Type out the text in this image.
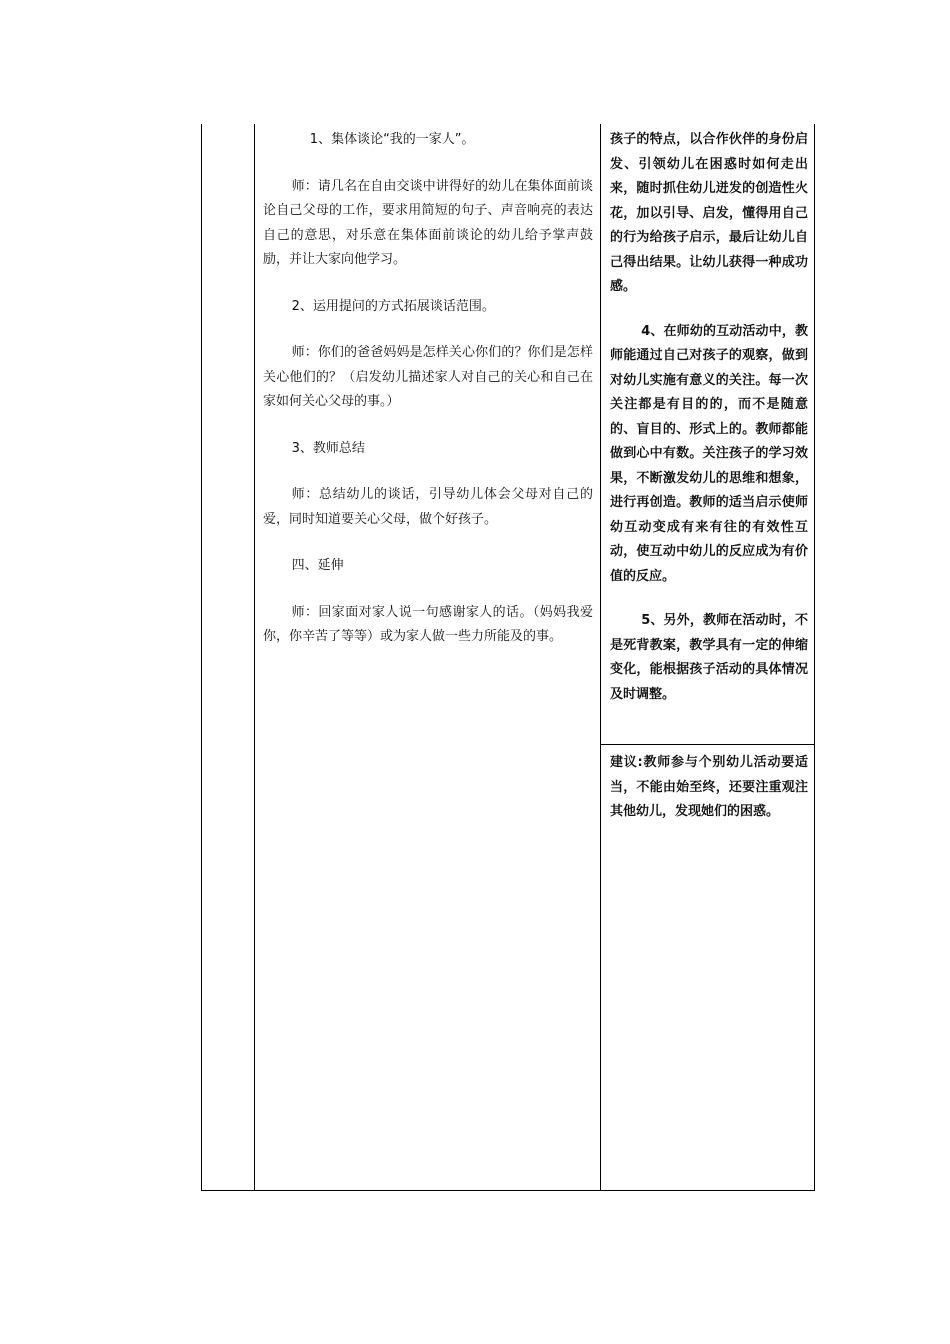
1、集体谈论“我的一家人”。

师：请几名在自由交谈中讲得好的幼儿在集体面前谈论自己父母的工作，要求用简短的句子、声音响亮的表达自己的意思，对乐意在集体面前谈论的幼儿给予掌声鼓励，并让大家向他学习。

2、运用提问的方式拓展谈话范围。

师：你们的爸爸妈妈是怎样关心你们的？你们是怎样关心他们的？（启发幼儿描述家人对自己的关心和自己在家如何关心父母的事。）

3、教师总结

师：总结幼儿的谈话，引导幼儿体会父母对自己的爱，同时知道要关心父母，做个好孩子。

四、延伸

师：回家面对家人说一句感谢家人的话。（妈妈我爱你，你辛苦了等等）或为家人做一些力所能及的事。

孩子的特点，以合作伙伴的身份启发、引领幼儿在困惑时如何走出来，随时抓住幼儿迸发的创造性火花，加以引导、启发，懂得用自己的行为给孩子启示，最后让幼儿自己得出结果。让幼儿获得一种成功感。

4、在师幼的互动活动中，教师能通过自己对孩子的观察，做到对幼儿实施有意义的关注。每一次关注都是有目的的，而不是随意的、盲目的、形式上的。教师都能做到心中有数。关注孩子的学习效果，不断激发幼儿的思维和想象，进行再创造。教师的适当启示使师幼互动变成有来有往的有效性互动，使互动中幼儿的反应成为有价值的反应。

5、另外，教师在活动时，不是死背教案，教学具有一定的伸缩变化，能根据孩子活动的具体情况及时调整。

建议:教师参与个别幼儿活动要适当，不能由始至终，还要注重观注其他幼儿，发现她们的困惑。
